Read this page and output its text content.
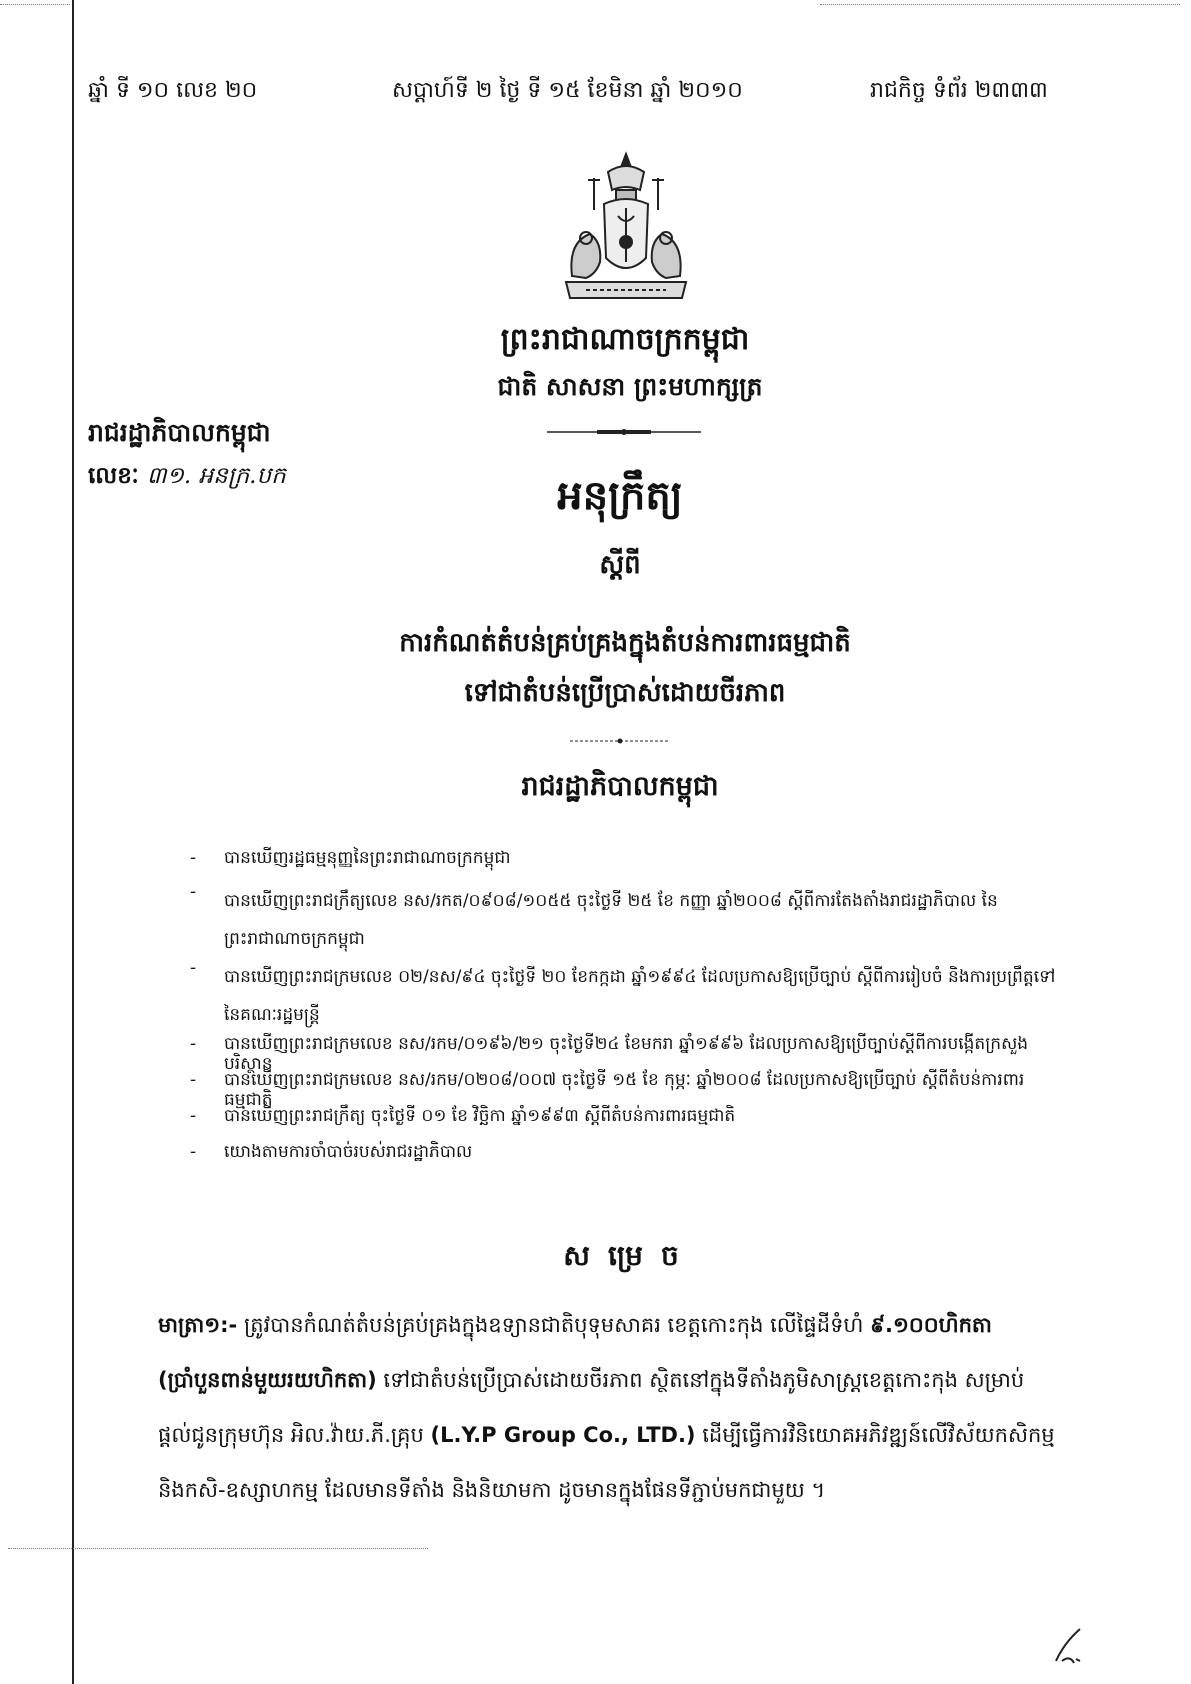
ឆ្នាំ ទី ១០ លេខ ២០	សប្តាហ៍ទី ២ ថ្ងៃ ទី ១៥ ខែមិនា ឆ្នាំ ២០១០	រាជកិច្ច ទំព័រ ២៣៣៣
ព្រះរាជាណាចក្រកម្ពុជា
ជាតិ សាសនា ព្រះមហាក្សត្រ
រាជរដ្ឋាភិបាលកម្ពុជា
លេខៈ ៣១. អនក្រ.បក	អនុក្រឹត្យ
ស្តីពី
ការកំណត់តំបន់គ្រប់គ្រងក្នុងតំបន់ការពារធម្មជាតិ
ទៅជាតំបន់ប្រើប្រាស់ដោយចីរភាព
រាជរដ្ឋាភិបាលកម្ពុជា
-	បានឃើញរដ្ឋធម្មនុញ្ញនៃព្រះរាជាណាចក្រកម្ពុជា
-	បានឃើញព្រះរាជក្រឹត្យលេខ នស/រកត/០៩០៨/១០៥៥ ចុះថ្ងៃទី ២៥ ខែ កញ្ញា ឆ្នាំ២០០៨ ស្តីពីការតែងតាំងរាជរដ្ឋាភិបាល នៃព្រះរាជាណាចក្រកម្ពុជា
-	បានឃើញព្រះរាជក្រមលេខ ០២/នស/៩៤ ចុះថ្ងៃទី ២០ ខែកក្កដា ឆ្នាំ១៩៩៤ ដែលប្រកាសឱ្យប្រើច្បាប់ ស្តីពីការរៀបចំ និងការប្រព្រឹត្តទៅនៃគណៈរដ្ឋមន្ត្រី
-	បានឃើញព្រះរាជក្រមលេខ នស/រកម/០១៩៦/២១ ចុះថ្ងៃទី២៤ ខែមករា ឆ្នាំ១៩៩៦ ដែលប្រកាសឱ្យប្រើច្បាប់ស្តីពីការបង្កើតក្រសួងបរិស្ថាន
-	បានឃើញព្រះរាជក្រមលេខ នស/រកម/០២០៨/០០៧ ចុះថ្ងៃទី ១៥ ខែ កុម្ភៈ ឆ្នាំ២០០៨ ដែលប្រកាសឱ្យប្រើច្បាប់ ស្តីពីតំបន់ការពារធម្មជាតិ
-	បានឃើញព្រះរាជក្រឹត្យ ចុះថ្ងៃទី ០១ ខែ វិច្ឆិកា ឆ្នាំ១៩៩៣ ស្តីពីតំបន់ការពារធម្មជាតិ
-	យោងតាមការចាំបាច់របស់រាជរដ្ឋាភិបាល
សម្រេច
មាត្រា១:- ត្រូវបានកំណត់តំបន់គ្រប់គ្រងក្នុងឧទ្យានជាតិបុទុមសាគរ ខេត្តកោះកុង លើផ្ទៃដីទំហំ ៩.១០០ហិកតា (ប្រាំបួនពាន់មួយរយហិកតា) ទៅជាតំបន់ប្រើប្រាស់ដោយចីរភាព ស្ថិតនៅក្នុងទីតាំងភូមិសាស្ត្រខេត្តកោះកុង សម្រាប់ផ្តល់ជូនក្រុមហ៊ុន អិល.វ៉ាយ.ភី.គ្រុប (L.Y.P Group Co., LTD.) ដើម្បីធ្វើការវិនិយោគអភិវឌ្ឍន៍លើវិស័យកសិកម្ម និងកសិ-ឧស្សាហកម្ម ដែលមានទីតាំង និងនិយាមកា ដូចមានក្នុងផែនទីភ្ជាប់មកជាមួយ ។
